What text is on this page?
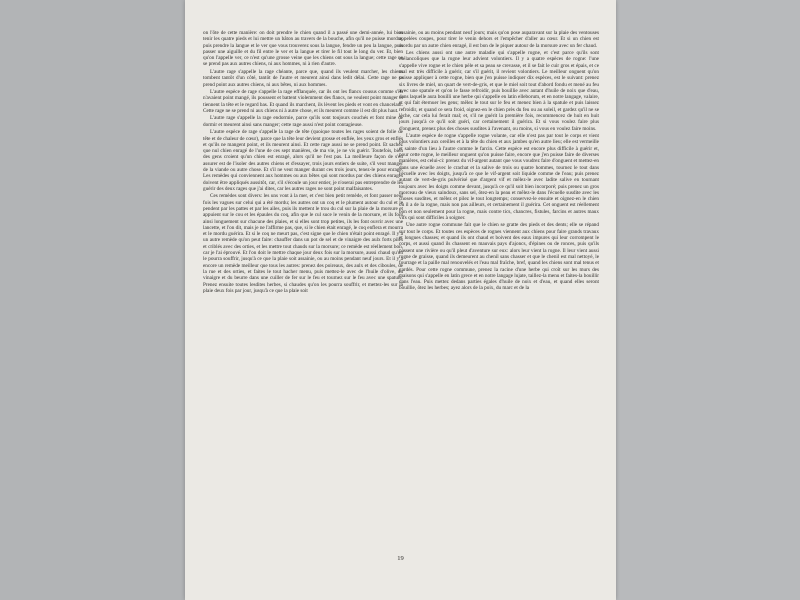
on l'ôte de cette manière: on doit prendre le chien quand il a passé une demi-année, lui bien tenir les quatre pieds et lui mettre un bâton au travers de la bouche, afin qu'il ne puisse mordre, puis prendre la langue et le ver que vous trouverez sous la langue, fendre un peu la langue, puis passer une aiguille et du fil entre le ver et la langue et tirer le fil tout le long du ver. Et, bien qu'on l'appelle ver, ce n'est qu'une grosse veine que les chiens ont sous la langue; cette rage ne se prend pas aux autres chiens, ni aux hommes, ni à rien d'autre.

L'autre rage s'appelle la rage chéante, parce que, quand ils veulent marcher, les chiens tombent tantôt d'un côté, tantôt de l'autre et meurent ainsi dans ledit délai. Cette rage ne se prend point aux autres chiens, ni aux bêtes, ni aux hommes.

L'autre espèce de rage s'appelle la rage efflanquée, car ils ont les flancs cousus comme s'ils n'avaient point mangé, ils poussent et battent violemment des flancs, ne veulent point manger et tiennent la tête et le regard bas. Et quand ils marchent, ils lèvent les pieds et vont en chancelant. Cette rage ne se prend ni aux chiens ni à autre chose, et ils meurent comme il est dit plus haut.

L'autre rage s'appelle la rage endormie, parce qu'ils sont toujours couchés et font mine de dormir et meurent ainsi sans manger; cette rage aussi n'est point contagieuse.

L'autre espèce de rage s'appelle la rage de tête (quoique toutes les rages soient de folie de tête et de chaleur de cœur), parce que la tête leur devient grosse et enflée, les yeux gros et enflés et qu'ils ne mangent point, et ils meurent ainsi. Et cette rage aussi ne se prend point. Et sachez que nul chien enragé de l'une de ces sept manières, de ma vie, je ne vis guérir. Toutefois, bien des gens croient qu'un chien est enragé, alors qu'il ne l'est pas. La meilleure façon de s'en assurer est de l'isoler des autres chiens et d'essayer, trois jours entiers de suite, s'il veut manger de la viande ou autre chose. Et s'il ne veut manger durant ces trois jours, tenez-le pour enragé. Les remèdes qui conviennent aux hommes ou aux bêtes qui sont mordus par des chiens enragés doivent être appliqués aussitôt, car, s'il s'écoule un jour entier, je n'oserai pas entreprendre de les guérir des deux rages que j'ai dites, car les autres rages ne sont point malfaisantes.

Ces remèdes sont divers: les uns vont à la mer, et c'est bien petit remède, et font passer neuf fois les vagues sur celui qui a été mordu; les autres ont un coq et le plument autour du cul et le pendent par les pattes et par les ailes, puis ils mettent le trou du cul sur la plaie de la morsure et appuient sur le cou et les épaules du coq, afin que le cul suce le venin de la morsure, et ils font ainsi longuement sur chacune des plaies, et si elles sont trop petites, ils les font ouvrir avec une lancette, et l'on dit, mais je ne l'affirme pas, que, si le chien était enragé, le coq enflera et mourra et le mordu guérira. Et si le coq ne meurt pas, c'est signe que le chien n'était point enragé. Il y a un autre remède qu'on peut faire: chauffer dans un pot de sel et de vinaigre des aulx forts pilés et criblés avec des orties, et les mettre tout chauds sur la morsure; ce remède est réellement bon, car je l'ai éprouvé. Et l'on doit le mettre chaque jour deux fois sur la morsure, aussi chaud qu'on le pourra souffrir, jusqu'à ce que la plaie soit assainie, ou au moins pendant neuf jours. Et il y a encore un remède meilleur que tous les autres: prenez des poireaux, des aulx et des ciboules, de la rue et des orties, et faites le tout hacher menu, puis mettez-le avec de l'huile d'olive, du vinaigre et du beurre dans une cuiller de fer sur le feu et tournez sur le feu avec une spatule. Prenez ensuite toutes lesdites herbes, si chaudes qu'on les pourra souffrir, et mettez-les sur la plaie deux fois par jour, jusqu'à ce que la plaie soit

assainie, ou au moins pendant neuf jours; mais qu'on pose auparavant sur la plaie des ventouses appelées coupes, pour tirer le venin dehors et l'empêcher d'aller au cœur. Et si un chien est mordu par un autre chien enragé, il est bon de le piquer autour de la morsure avec un fer chaud.

Les chiens aussi ont une autre maladie qui s'appelle rogne, et c'est parce qu'ils sont mélancoliques que la rogne leur advient volontiers. Il y a quatre espèces de rogne: l'une s'appelle vive rogne et le chien pèle et sa peau se crevasse, et il se fait le cuir gros et épais, et ce mal est très difficile à guérir, car s'il guérit, il revient volontiers. Le meilleur onguent qu'on puisse appliquer à cette rogne, bien que j'en puisse indiquer dix espèces, est le suivant: prenez six livres de miel, un quart de vert-de-gris, et que le miel soit tout d'abord fondu et mené au feu avec une spatule et qu'on le fasse refroidir, puis bouillie avec autant d'huile de noix que d'eau, dans laquelle aura bouilli une herbe qui s'appelle en latin elleborum, et en notre langage, valaire, et qui fait éternuer les gens; mêlez le tout sur le feu et menez bien à la spatule et puis laissez refroidir, et quand ce sera froid, oignez-en le chien près du feu ou au soleil, et gardez qu'il ne se lèche, car cela lui ferait mal; et, s'il ne guérit la première fois, recommencez de huit en huit jours jusqu'à ce qu'il soit guéri, car certainement il guérira. Et si vous voulez faire plus d'onguent, prenez plus des choses susdites à l'avenant, ou moins, si vous en voulez faire moins.

L'autre espèce de rogne s'appelle rogne volante, car elle n'est pas par tout le corps et vient plus volontiers aux oreilles et à la tête du chien et aux jambes qu'en autre lieu; elle est vermeille et sainte d'un lieu à l'autre comme le farcin. Cette espèce est encore plus difficile à guérir et, pour cette rogne, le meilleur onguent qu'on puisse faire, encore que j'en puisse faire de diverses manières, est celui-ci: prenez du vif-argent autant que vous voudrez faire d'onguent et mettez-en dans une écuelle avec le crachat et la salive de trois ou quatre hommes, tournez le tout dans l'écuelle avec les doigts, jusqu'à ce que le vif-argent soit liquide comme de l'eau; puis prenez autant de vert-de-gris pulvérisé que d'argent vif et mêlez-le avec ladite salive en tournant toujours avec les doigts comme devant, jusqu'à ce qu'il soit bien incorporé; puis prenez un gros morceau de vieux saindoux, sans sel, ôtez-en la peau et mêlez-le dans l'écuelle susdite avec les choses susdites, et mêlez et pilez le tout longtemps; conservez-le ensuite et oignez-en le chien où il a de la rogne, mais non pas ailleurs, et certainement il guérira. Cet onguent est réellement bon et non seulement pour la rogne, mais contre tics, chancres, fistules, farcins et autres maux vifs qui sont difficiles à soigner.

Une autre rogne commune fait que le chien se gratte des pieds et des dents; elle se répand sur tout le corps. Et toutes ces espèces de rognes viennent aux chiens pour faire grands travaux et longues chasses; et quand ils ont chaud et boivent des eaux impures qui leur corrompent le corps, et aussi quand ils chassent en mauvais pays d'ajoncs, d'épines ou de ronces, puis qu'ils passent une rivière ou qu'il pleut d'aventure sur eux: alors leur vient la rogne. Il leur vient aussi rogne de graisse, quand ils demeurent au chenil sans chasser et que le chenil est mal nettoyé, le fourrage et la paille mal renouvelés et l'eau mal fraîche, bref, quand les chiens sont mal tenus et gardés. Pour cette rogne commune, prenez la racine d'une herbe qui croît sur les murs des maisons qui s'appelle en latin grece et en notre langage lujate, taillez-la menu et faites-la bouillir dans l'eau. Puis mettez dedans parties égales d'huile de noix et d'eau, et quand elles seront bouillie, ôtez les herbes; ayez alors de la poix, du marc et de la

19
